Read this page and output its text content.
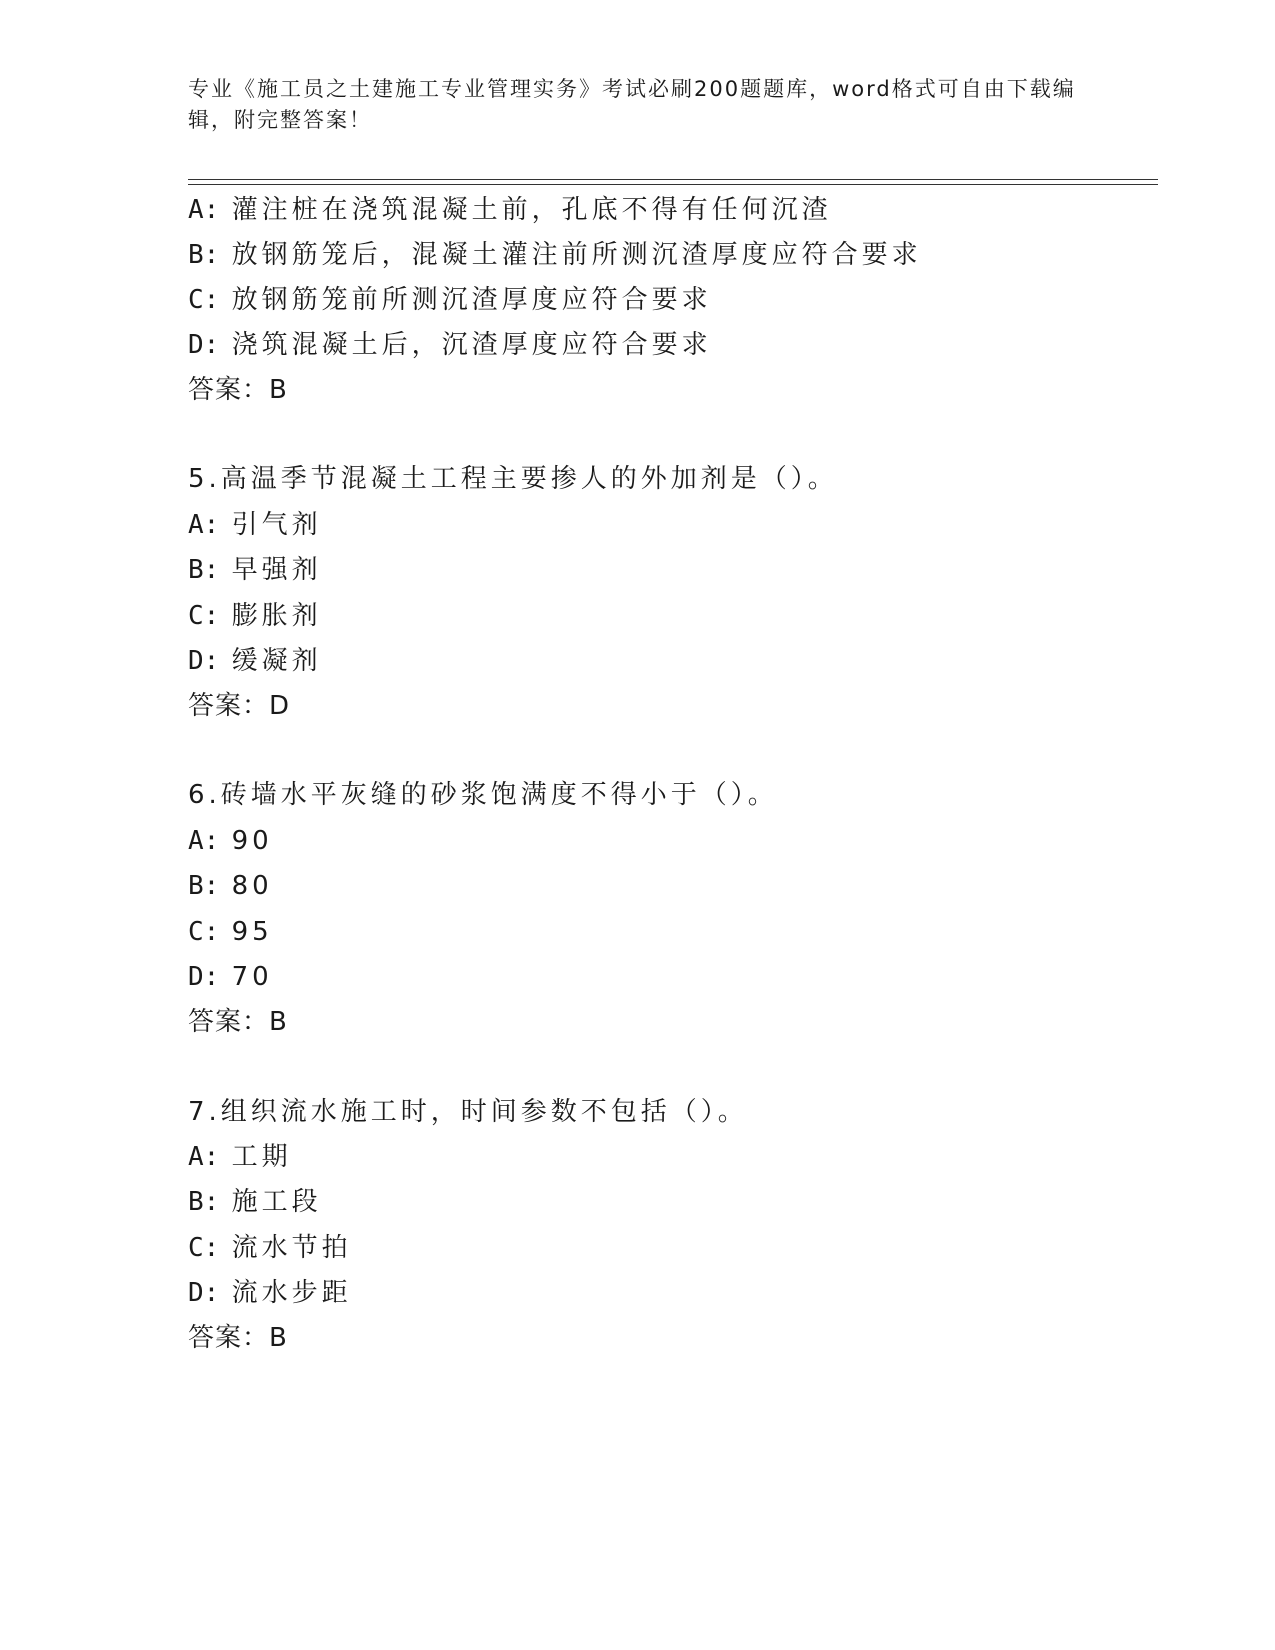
专业《施工员之土建施工专业管理实务》考试必刷200题题库，word格式可自由下载编辑，附完整答案！
A: 灌注桩在浇筑混凝土前，孔底不得有任何沉渣
B: 放钢筋笼后，混凝土灌注前所测沉渣厚度应符合要求
C: 放钢筋笼前所测沉渣厚度应符合要求
D: 浇筑混凝土后，沉渣厚度应符合要求
答案：B
5.高温季节混凝土工程主要掺人的外加剂是（）。
A: 引气剂
B: 早强剂
C: 膨胀剂
D: 缓凝剂
答案：D
6.砖墙水平灰缝的砂浆饱满度不得小于（）。
A: 90
B: 80
C: 95
D: 70
答案：B
7.组织流水施工时，时间参数不包括（）。
A: 工期
B: 施工段
C: 流水节拍
D: 流水步距
答案：B
